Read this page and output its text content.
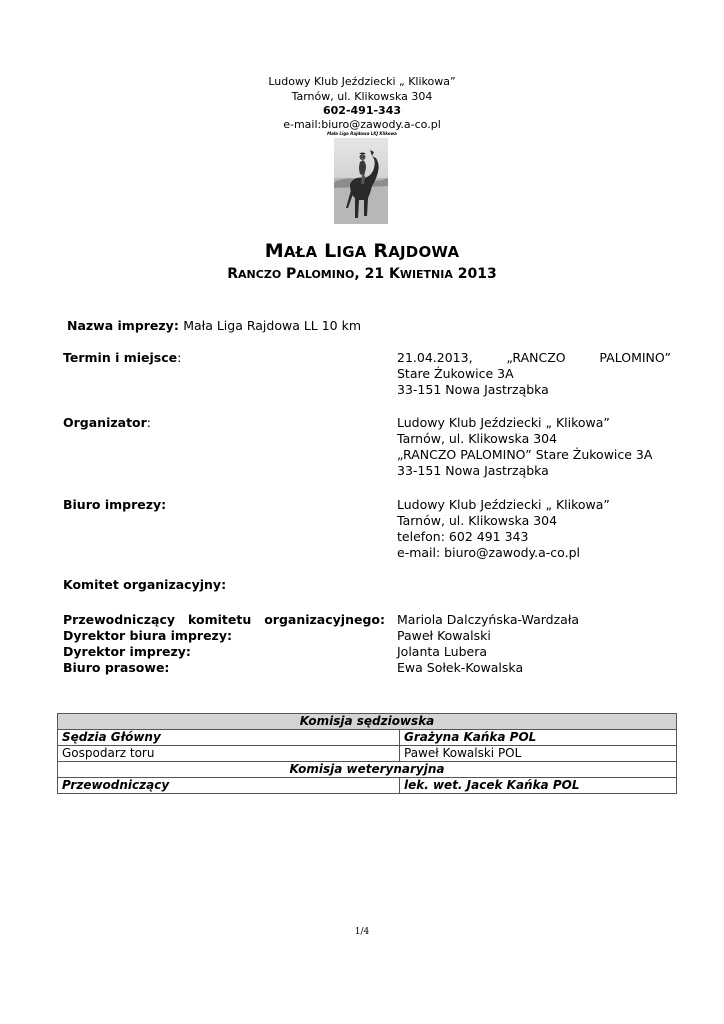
Ludowy Klub Jeździecki „ Klikowa”
Tarnów, ul. Klikowska 304
602-491-343
e-mail:biuro@zawody.a-co.pl
Mała Liga Rajdowa LKJ Klikowa
MAŁA LIGA RAJDOWA
RANCZO PALOMINO, 21 KWIETNIA 2013
Nazwa imprezy: Mała Liga Rajdowa LL 10 km
Termin i miejsce:	21.04.2013,	„RANCZO	PALOMINO”
Stare Żukowice 3A
33-151 Nowa Jastrząbka
Organizator:	Ludowy Klub Jeździecki „ Klikowa”
Tarnów, ul. Klikowska 304
„RANCZO PALOMINO” Stare Żukowice 3A
33-151 Nowa Jastrząbka
Biuro imprezy:	Ludowy Klub Jeździecki „ Klikowa”
Tarnów, ul. Klikowska 304
telefon: 602 491 343
e-mail: biuro@zawody.a-co.pl
Komitet organizacyjny:
Przewodniczący komitetu organizacyjnego: Mariola Dalczyńska-Wardzała
Dyrektor biura imprezy:	Paweł Kowalski
Dyrektor imprezy:	Jolanta Lubera
Biuro prasowe:	Ewa Sołek-Kowalska
Komisja sędziowska	
Sędzia Główny	Grażyna Kańka POL
Gospodarz toru	Paweł Kowalski POL
Komisja weterynaryjna	
Przewodniczący	lek. wet. Jacek Kańka POL
1/4
